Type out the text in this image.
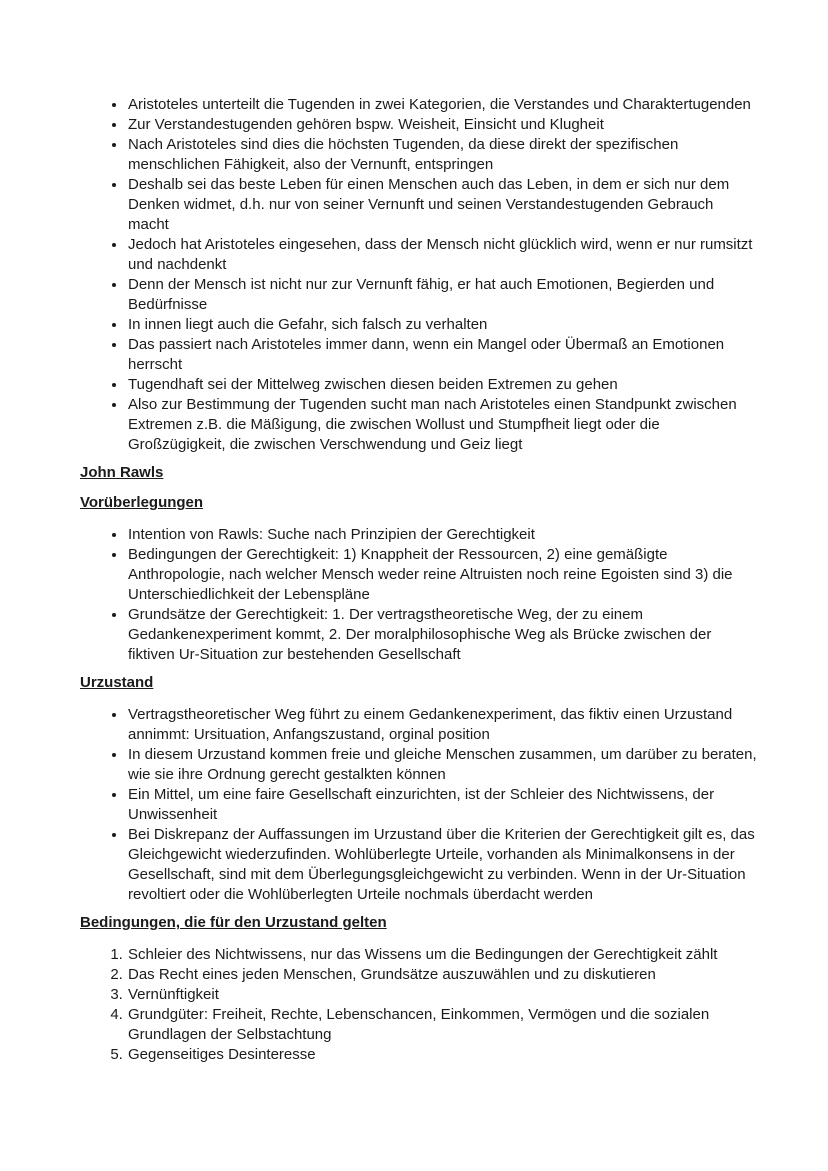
• Aristoteles unterteilt die Tugenden in zwei Kategorien, die Verstandes und Charaktertugenden
• Zur Verstandestugenden gehören bspw. Weisheit, Einsicht und Klugheit
• Nach Aristoteles sind dies die höchsten Tugenden, da diese direkt der spezifischen menschlichen Fähigkeit, also der Vernunft, entspringen
• Deshalb sei das beste Leben für einen Menschen auch das Leben, in dem er sich nur dem Denken widmet, d.h. nur von seiner Vernunft und seinen Verstandestugenden Gebrauch macht
• Jedoch hat Aristoteles eingesehen, dass der Mensch nicht glücklich wird, wenn er nur rumsitzt und nachdenkt
• Denn der Mensch ist nicht nur zur Vernunft fähig, er hat auch Emotionen, Begierden und Bedürfnisse
• In innen liegt auch die Gefahr, sich falsch zu verhalten
• Das passiert nach Aristoteles immer dann, wenn ein Mangel oder Übermaß an Emotionen herrscht
• Tugendhaft sei der Mittelweg zwischen diesen beiden Extremen zu gehen
• Also zur Bestimmung der Tugenden sucht man nach Aristoteles einen Standpunkt zwischen Extremen z.B. die Mäßigung, die zwischen Wollust und Stumpfheit liegt oder die Großzügigkeit, die zwischen Verschwendung und Geiz liegt
John Rawls
Vorüberlegungen
• Intention von Rawls: Suche nach Prinzipien der Gerechtigkeit
• Bedingungen der Gerechtigkeit: 1) Knappheit der Ressourcen, 2) eine gemäßigte Anthropologie, nach welcher Mensch weder reine Altruisten noch reine Egoisten sind 3) die Unterschiedlichkeit der Lebenspläne
• Grundsätze der Gerechtigkeit: 1. Der vertragstheoretische Weg, der zu einem Gedankenexperiment kommt, 2. Der moralphilosophische Weg als Brücke zwischen der fiktiven Ur-Situation zur bestehenden Gesellschaft
Urzustand
• Vertragstheoretischer Weg führt zu einem Gedankenexperiment, das fiktiv einen Urzustand annimmt: Ursituation, Anfangszustand, orginal position
• In diesem Urzustand kommen freie und gleiche Menschen zusammen, um darüber zu beraten, wie sie ihre Ordnung gerecht gestalkten können
• Ein Mittel, um eine faire Gesellschaft einzurichten, ist der Schleier des Nichtwissens, der Unwissenheit
• Bei Diskrepanz der Auffassungen im Urzustand über die Kriterien der Gerechtigkeit gilt es, das Gleichgewicht wiederzufinden. Wohlüberlegte Urteile, vorhanden als Minimalkonsens in der Gesellschaft, sind mit dem Überlegungsgleichgewicht zu verbinden. Wenn in der Ur-Situation revoltiert oder die Wohlüberlegten Urteile nochmals überdacht werden
Bedingungen, die für den Urzustand gelten
1. Schleier des Nichtwissens, nur das Wissens um die Bedingungen der Gerechtigkeit zählt
2. Das Recht eines jeden Menschen, Grundsätze auszuwählen und zu diskutieren
3. Vernünftigkeit
4. Grundgüter: Freiheit, Rechte, Lebenschancen, Einkommen, Vermögen und die sozialen Grundlagen der Selbstachtung
5. Gegenseitiges Desinteresse
